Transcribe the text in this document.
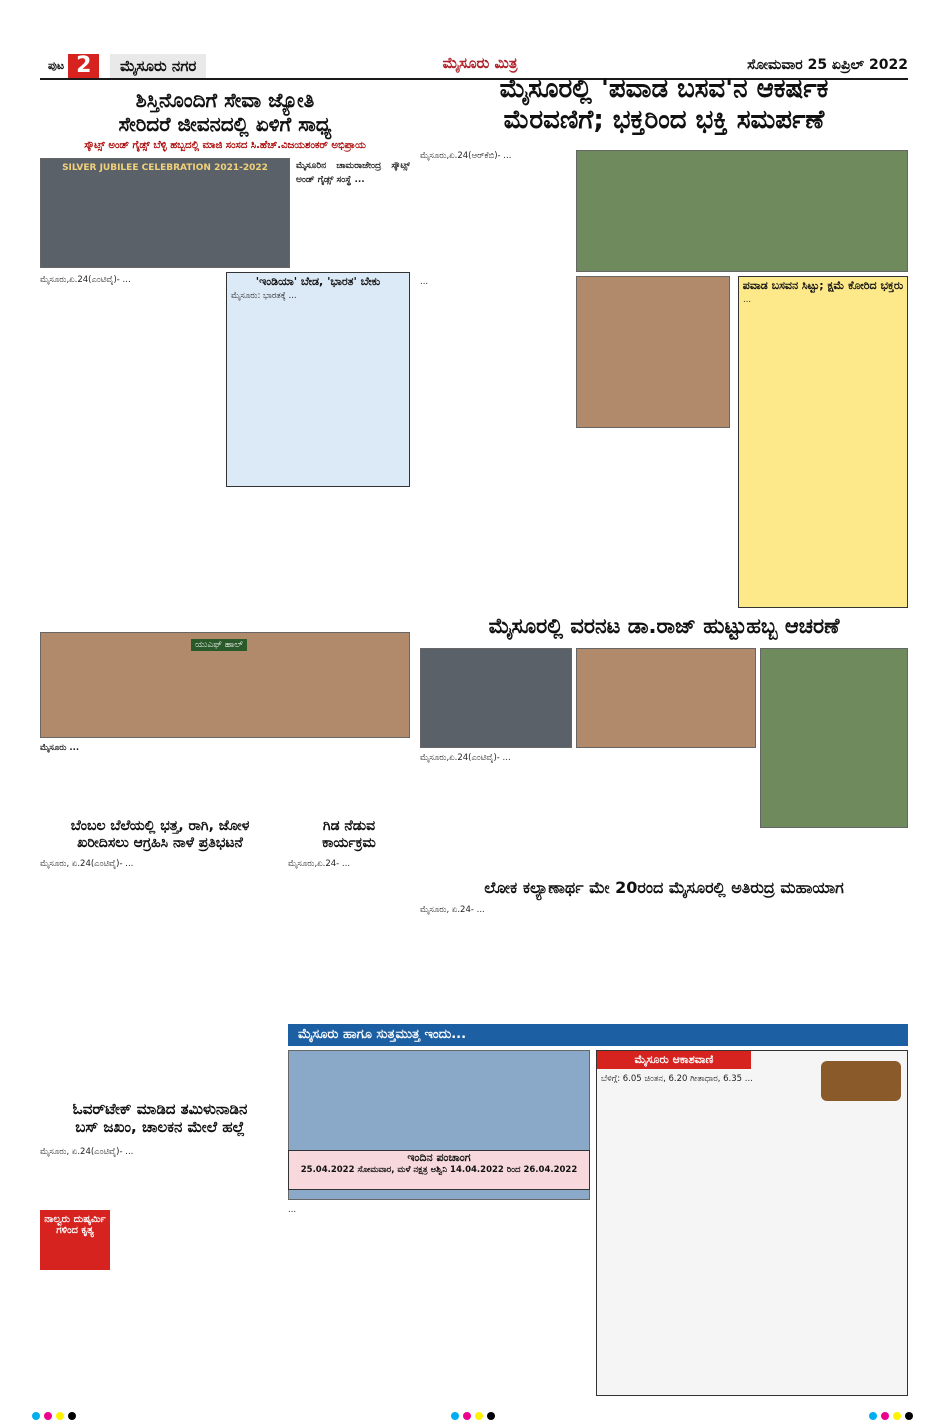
ಪುಟ 2	ಮೈಸೂರು ನಗರ	ಮೈಸೂರು ಮಿತ್ರ	ಸೋಮವಾರ 25 ಏಪ್ರಿಲ್ 2022
ಶಿಸ್ತಿನೊಂದಿಗೆ ಸೇವಾ ಜ್ಯೋತಿ
ಸೇರಿದರೆ ಜೀವನದಲ್ಲಿ ಏಳಿಗೆ ಸಾಧ್ಯ
ಸ್ಕೌಟ್ಸ್ ಅಂಡ್ ಗೈಡ್ಸ್ ಬೆಳ್ಳಿ ಹಬ್ಬದಲ್ಲಿ ಮಾಜಿ ಸಂಸದ ಸಿ.ಹೆಚ್.ವಿಜಯಶಂಕರ್ ಅಭಿಪ್ರಾಯ
SILVER JUBILEE CELEBRATION 2021-2022	ಮೈಸೂರಿನ ಚಾಮರಾಜೇಂದ್ರ ಸ್ಕೌಟ್ಸ್ ಅಂಡ್ ಗೈಡ್ಸ್ ಸಂಸ್ಥೆ ...
ಮೈಸೂರು,ಏ.24(ಎಂಟಿವೈ)- ...	'ಇಂಡಿಯಾ' ಬೇಡ, 'ಭಾರತ' ಬೇಕು
ಮೈಸೂರು: ಭಾರತಕ್ಕೆ ...
ಯುಎಫ್ ಹಾಲ್
ಮೈಸೂರು ...
ಬೆಂಬಲ ಬೆಲೆಯಲ್ಲಿ ಭತ್ತ, ರಾಗಿ, ಜೋಳ
ಖರೀದಿಸಲು ಆಗ್ರಹಿಸಿ ನಾಳೆ ಪ್ರತಿಭಟನೆ
ಮೈಸೂರು, ಏ.24(ಎಂಟಿವೈ)- ...
ಗಿಡ ನೆಡುವ
ಕಾರ್ಯಕ್ರಮ
ಮೈಸೂರು,ಏ.24- ...
ಮೈಸೂರಲ್ಲಿ 'ಪವಾಡ ಬಸವ'ನ ಆಕರ್ಷಕ
ಮೆರವಣಿಗೆ; ಭಕ್ತರಿಂದ ಭಕ್ತಿ ಸಮರ್ಪಣೆ
ಮೈಸೂರು,ಏ.24(ಆರ್‌ಕೆಬಿ)- ...
...	ಪವಾಡ ಬಸವನ ಸಿಟ್ಟು; ಕ್ಷಮೆ ಕೋರಿದ ಭಕ್ತರು
...
ಮೈಸೂರಲ್ಲಿ ವರನಟ ಡಾ.ರಾಜ್ ಹುಟ್ಟುಹಬ್ಬ ಆಚರಣೆ
ಮೈಸೂರು,ಏ.24(ಎಂಟಿವೈ)- ...
ಲೋಕ ಕಲ್ಯಾಣಾರ್ಥ ಮೇ 20ರಂದ ಮೈಸೂರಲ್ಲಿ ಅತಿರುದ್ರ ಮಹಾಯಾಗ
ಮೈಸೂರು, ಏ.24- ...
ಮೈಸೂರು ಹಾಗೂ ಸುತ್ತಮುತ್ತ ಇಂದು...
ಓವರ್‌ಟೇಕ್ ಮಾಡಿದ ತಮಿಳುನಾಡಿನ
ಬಸ್ ಜಖಂ, ಚಾಲಕನ ಮೇಲೆ ಹಲ್ಲೆ
ಮೈಸೂರು, ಏ.24(ಎಂಟಿವೈ)- ...
ನಾಲ್ವರು ದುಷ್ಕರ್ಮಿ ಗಳಿಂದ ಕೃತ್ಯ
ಇಂದಿನ ಪಂಚಾಂಗ
25.04.2022 ಸೋಮವಾರ, ಮಳೆ ನಕ್ಷತ್ರ ಅಶ್ವಿನಿ 14.04.2022 ರಿಂದ 26.04.2022
...
ಮೈಸೂರು ಆಕಾಶವಾಣಿ
ಬೆಳಿಗ್ಗೆ: 6.05 ಚಿಂತನ, 6.20 ಗೀತಾಧಾರ, 6.35 ...
